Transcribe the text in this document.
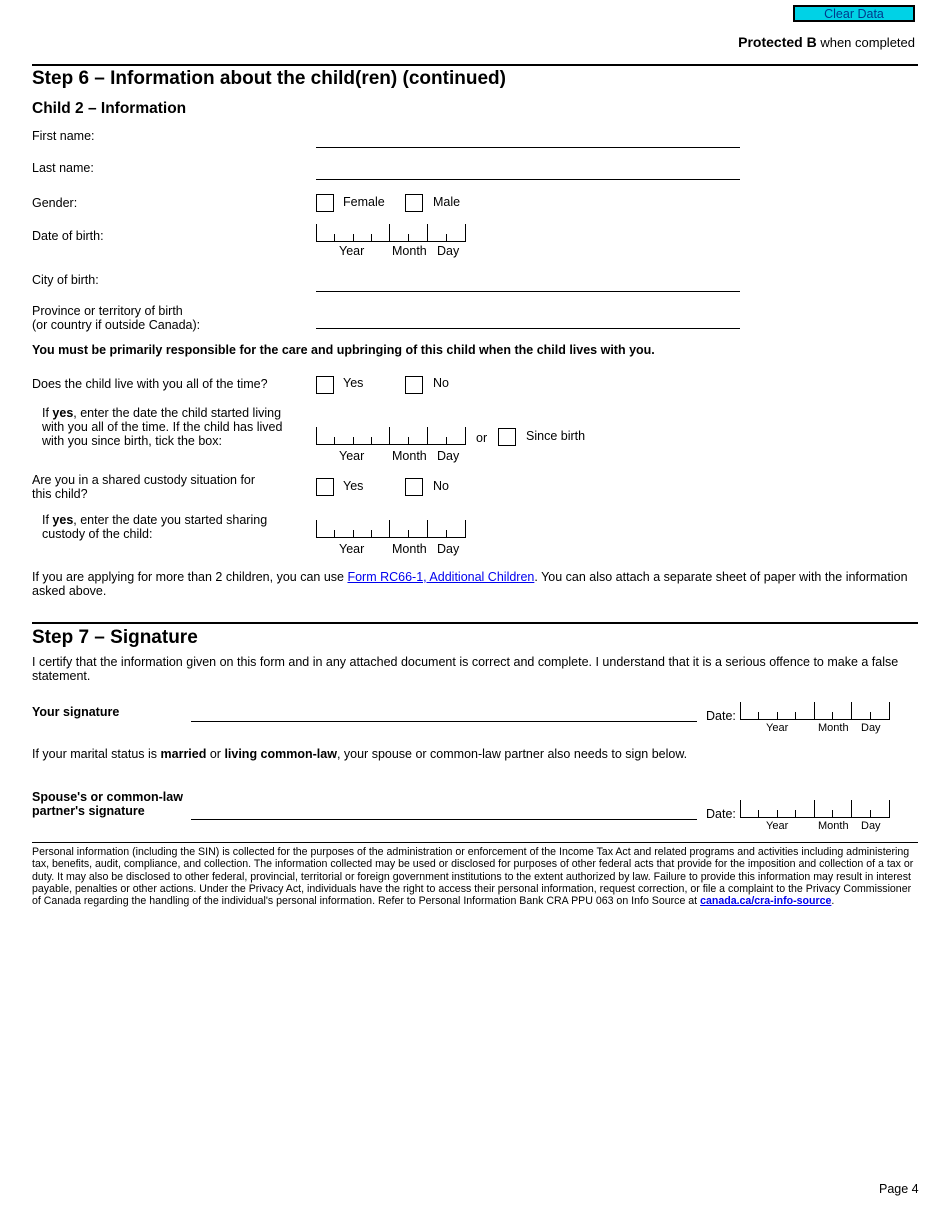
Clear Data
Protected B when completed
Step 6 – Information about the child(ren) (continued)
Child 2 – Information
First name:
Last name:
Gender:	Female	Male
Date of birth:
Year Month Day
City of birth:
Province or territory of birth
(or country if outside Canada):
You must be primarily responsible for the care and upbringing of this child when the child lives with you.
Does the child live with you all of the time?	Yes	No
If yes, enter the date the child started living
with you all of the time. If the child has lived
with you since birth, tick the box:
Year Month Day
or	Since birth
Are you in a shared custody situation for
this child?
Yes	No
If yes, enter the date you started sharing
custody of the child:
Year Month Day
If you are applying for more than 2 children, you can use Form RC66-1, Additional Children. You can also attach a separate sheet of paper with the information asked above.
Step 7 – Signature
I certify that the information given on this form and in any attached document is correct and complete. I understand that it is a serious offence to make a false statement.
Your signature	Date:
Year	Month Day
If your marital status is married or living common-law, your spouse or common-law partner also needs to sign below.
Spouse's or common-law
partner's signature	Date:
Year	Month Day
Personal information (including the SIN) is collected for the purposes of the administration or enforcement of the Income Tax Act and related programs and activities including administering tax, benefits, audit, compliance, and collection. The information collected may be used or disclosed for purposes of other federal acts that provide for the imposition and collection of a tax or duty. It may also be disclosed to other federal, provincial, territorial or foreign government institutions to the extent authorized by law. Failure to provide this information may result in interest payable, penalties or other actions. Under the Privacy Act, individuals have the right to access their personal information, request correction, or file a complaint to the Privacy Commissioner of Canada regarding the handling of the individual's personal information. Refer to Personal Information Bank CRA PPU 063 on Info Source at canada.ca/cra-info-source.
Page 4
